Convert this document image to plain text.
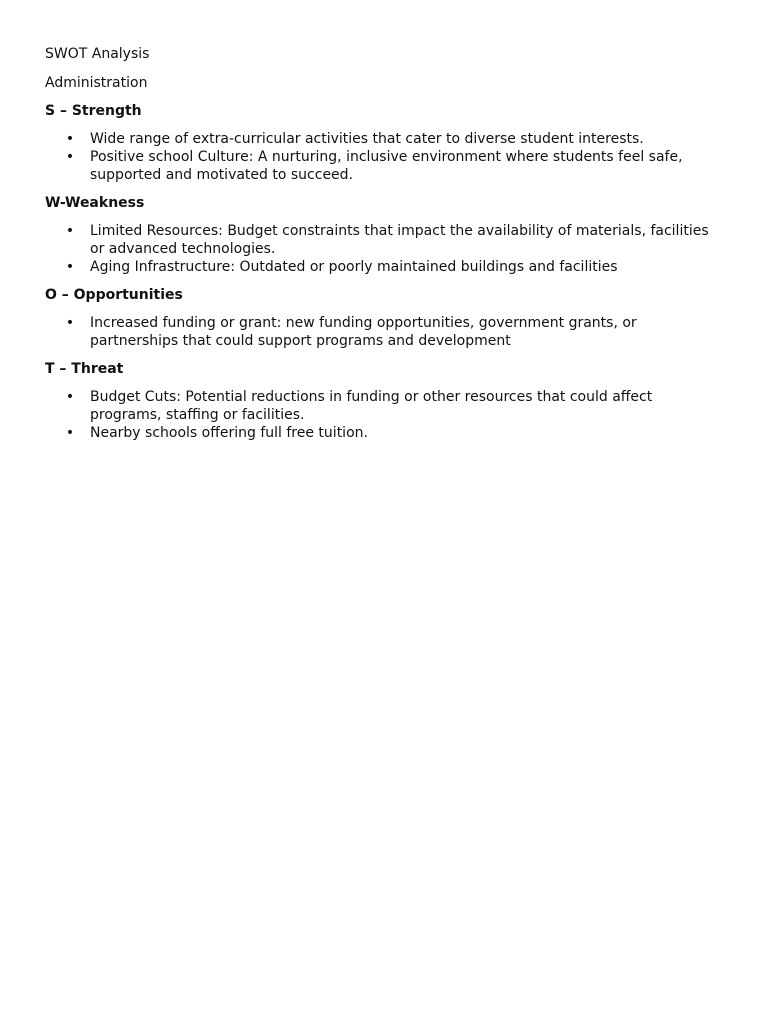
SWOT Analysis

Administration

S – Strength
• Wide range of extra-curricular activities that cater to diverse student interests.
• Positive school Culture: A nurturing, inclusive environment where students feel safe, supported and motivated to succeed.
W-Weakness
• Limited Resources: Budget constraints that impact the availability of materials, facilities or advanced technologies.
• Aging Infrastructure: Outdated or poorly maintained buildings and facilities
O – Opportunities
• Increased funding or grant: new funding opportunities, government grants, or partnerships that could support programs and development
T – Threat
• Budget Cuts: Potential reductions in funding or other resources that could affect programs, staffing or facilities.
• Nearby schools offering full free tuition.
